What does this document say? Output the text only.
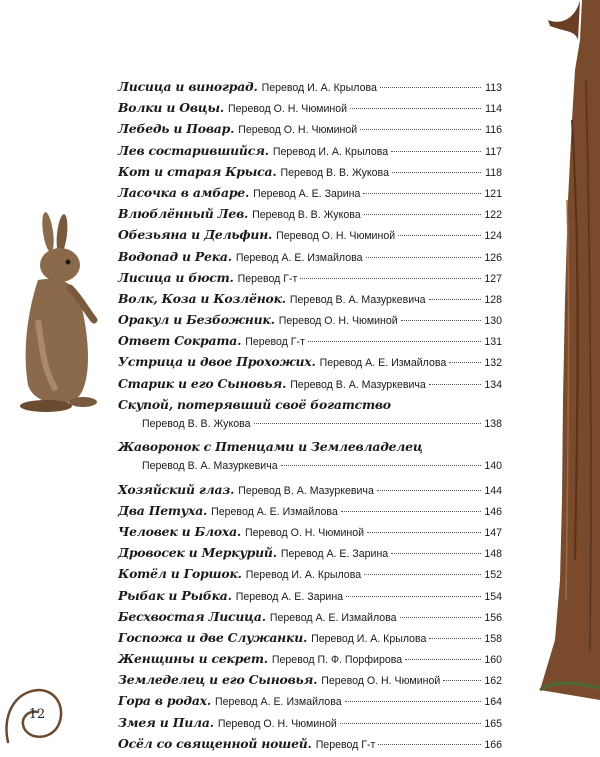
12
Лисица и виноград. Перевод И. А. Крылова	113
Волки и Овцы. Перевод О. Н. Чюминой	114
Лебедь и Повар. Перевод О. Н. Чюминой	116
Лев состарившийся. Перевод И. А. Крылова	117
Кот и старая Крыса. Перевод В. В. Жукова	118
Ласочка в амбаре. Перевод А. Е. Зарина	121
Влюблённый Лев. Перевод В. В. Жукова	122
Обезьяна и Дельфин. Перевод О. Н. Чюминой	124
Водопад и Река. Перевод А. Е. Измайлова	126
Лисица и бюст. Перевод Г-т	127
Волк, Коза и Козлёнок. Перевод В. А. Мазуркевича	128
Оракул и Безбожник. Перевод О. Н. Чюминой	130
Ответ Сократа. Перевод Г-т	131
Устрица и двое Прохожих. Перевод А. Е. Измайлова	132
Старик и его Сыновья. Перевод В. А. Мазуркевича	134
Скупой, потерявший своё богатство
Перевод В. В. Жукова	138
Жаворонок с Птенцами и Землевладелец
Перевод В. А. Мазуркевича	140
Хозяйский глаз. Перевод В. А. Мазуркевича	144
Два Петуха. Перевод А. Е. Измайлова	146
Человек и Блоха. Перевод О. Н. Чюминой	147
Дровосек и Меркурий. Перевод А. Е. Зарина	148
Котёл и Горшок. Перевод И. А. Крылова	152
Рыбак и Рыбка. Перевод А. Е. Зарина	154
Бесхвостая Лисица. Перевод А. Е. Измайлова	156
Госпожа и две Служанки. Перевод И. А. Крылова	158
Женщины и секрет. Перевод П. Ф. Порфирова	160
Земледелец и его Сыновья. Перевод О. Н. Чюминой	162
Гора в родах. Перевод А. Е. Измайлова	164
Змея и Пила. Перевод О. Н. Чюминой	165
Осёл со священной ношей. Перевод Г-т	166
